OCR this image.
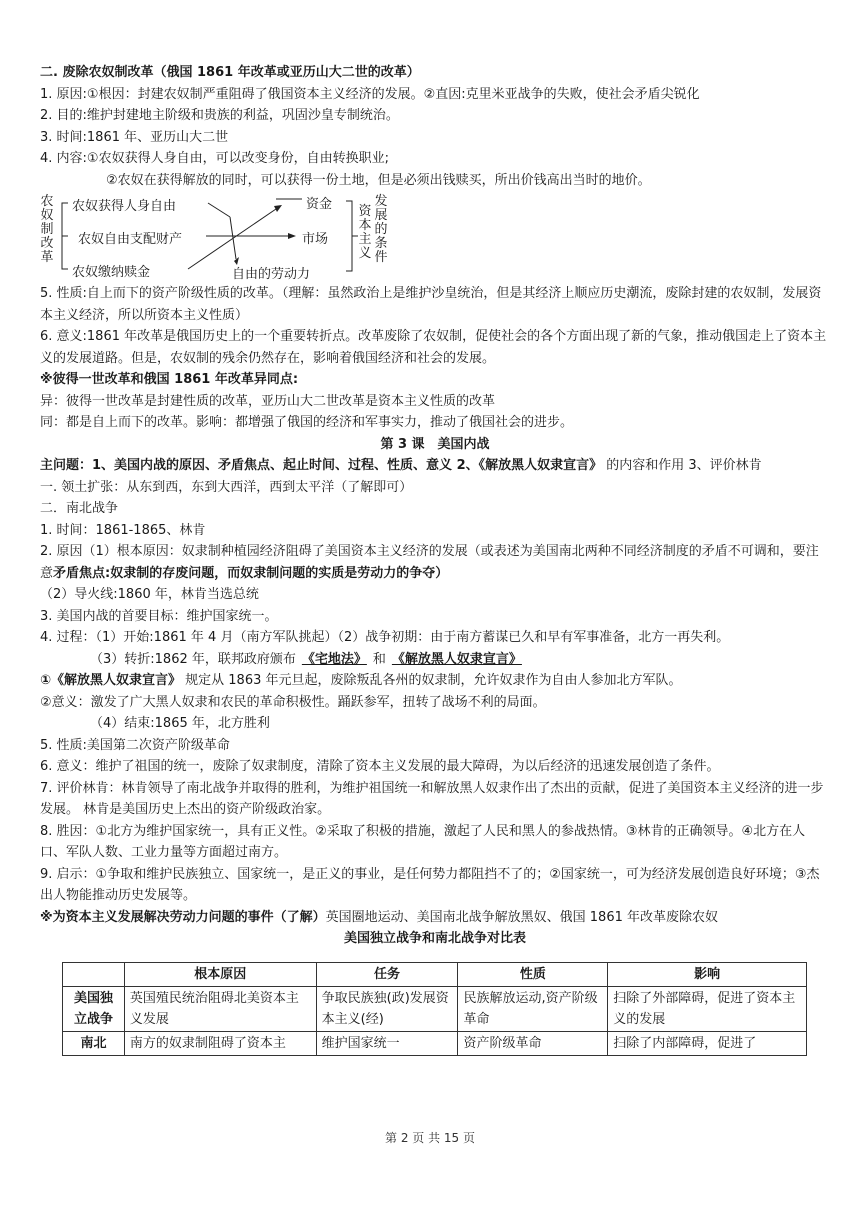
二. 废除农奴制改革（俄国 1861 年改革或亚历山大二世的改革）
1. 原因:①根因：封建农奴制严重阻碍了俄国资本主义经济的发展。②直因:克里米亚战争的失败，使社会矛盾尖锐化
2. 目的:维护封建地主阶级和贵族的利益，巩固沙皇专制统治。
3. 时间:1861 年、亚历山大二世
4. 内容:①农奴获得人身自由，可以改变身份，自由转换职业;
②农奴在获得解放的同时，可以获得一份土地，但是必须出钱赎买，所出价钱高出当时的地价。
农
奴
制
改
革
农奴获得人身自由
农奴自由支配财产
农奴缴纳赎金
资金
市场
自由的劳动力
资
本
主
义
发
展
的
条
件
5. 性质:自上而下的资产阶级性质的改革。（理解：虽然政治上是维护沙皇统治，但是其经济上顺应历史潮流，废除封建的农奴制，发展资本主义经济，所以所资本主义性质）
6. 意义:1861 年改革是俄国历史上的一个重要转折点。改革废除了农奴制，促使社会的各个方面出现了新的气象，推动俄国走上了资本主义的发展道路。但是，农奴制的残余仍然存在，影响着俄国经济和社会的发展。
※彼得一世改革和俄国 1861 年改革异同点:
异：彼得一世改革是封建性质的改革，亚历山大二世改革是资本主义性质的改革
同：都是自上而下的改革。影响：都增强了俄国的经济和军事实力，推动了俄国社会的进步。
第 3 课　美国内战
主问题：1、美国内战的原因、矛盾焦点、起止时间、过程、性质、意义 2、《解放黑人奴隶宣言》 的内容和作用 3、评价林肯
一. 领土扩张：从东到西，东到大西洋，西到太平洋（了解即可）
二．南北战争
1. 时间：1861-1865、林肯
2. 原因（1）根本原因：奴隶制种植园经济阻碍了美国资本主义经济的发展（或表述为美国南北两种不同经济制度的矛盾不可调和，要注意矛盾焦点:奴隶制的存废问题，而奴隶制问题的实质是劳动力的争夺）
（2）导火线:1860 年，林肯当选总统
3. 美国内战的首要目标：维护国家统一。
4. 过程：（1）开始:1861 年 4 月（南方军队挑起）（2）战争初期：由于南方蓄谋已久和早有军事准备，北方一再失利。
（3）转折:1862 年，联邦政府颁布 《宅地法》 和 《解放黑人奴隶宣言》
①《解放黑人奴隶宣言》 规定从 1863 年元旦起，废除叛乱各州的奴隶制，允许奴隶作为自由人参加北方军队。
②意义：激发了广大黑人奴隶和农民的革命积极性。踊跃参军，扭转了战场不利的局面。
（4）结束:1865 年，北方胜利
5. 性质:美国第二次资产阶级革命
6. 意义：维护了祖国的统一，废除了奴隶制度，清除了资本主义发展的最大障碍，为以后经济的迅速发展创造了条件。
7. 评价林肯：林肯领导了南北战争并取得的胜利，为维护祖国统一和解放黑人奴隶作出了杰出的贡献，促进了美国资本主义经济的进一步发展。 林肯是美国历史上杰出的资产阶级政治家。
8. 胜因：①北方为维护国家统一，具有正义性。②采取了积极的措施，激起了人民和黑人的参战热情。③林肯的正确领导。④北方在人口、军队人数、工业力量等方面超过南方。
9. 启示：①争取和维护民族独立、国家统一，是正义的事业，是任何势力都阻挡不了的；②国家统一，可为经济发展创造良好环境；③杰出人物能推动历史发展等。
※为资本主义发展解决劳动力问题的事件（了解）英国圈地运动、美国南北战争解放黑奴、俄国 1861 年改革废除农奴
美国独立战争和南北战争对比表
	根本原因	任务	性质	影响
美国独立战争	英国殖民统治阻碍北美资本主义发展	争取民族独(政)发展资本主义(经)	民族解放运动,资产阶级革命	扫除了外部障碍，促进了资本主义的发展
南北	南方的奴隶制阻碍了资本主	维护国家统一	资产阶级革命	扫除了内部障碍，促进了
第 2 页 共 15 页
